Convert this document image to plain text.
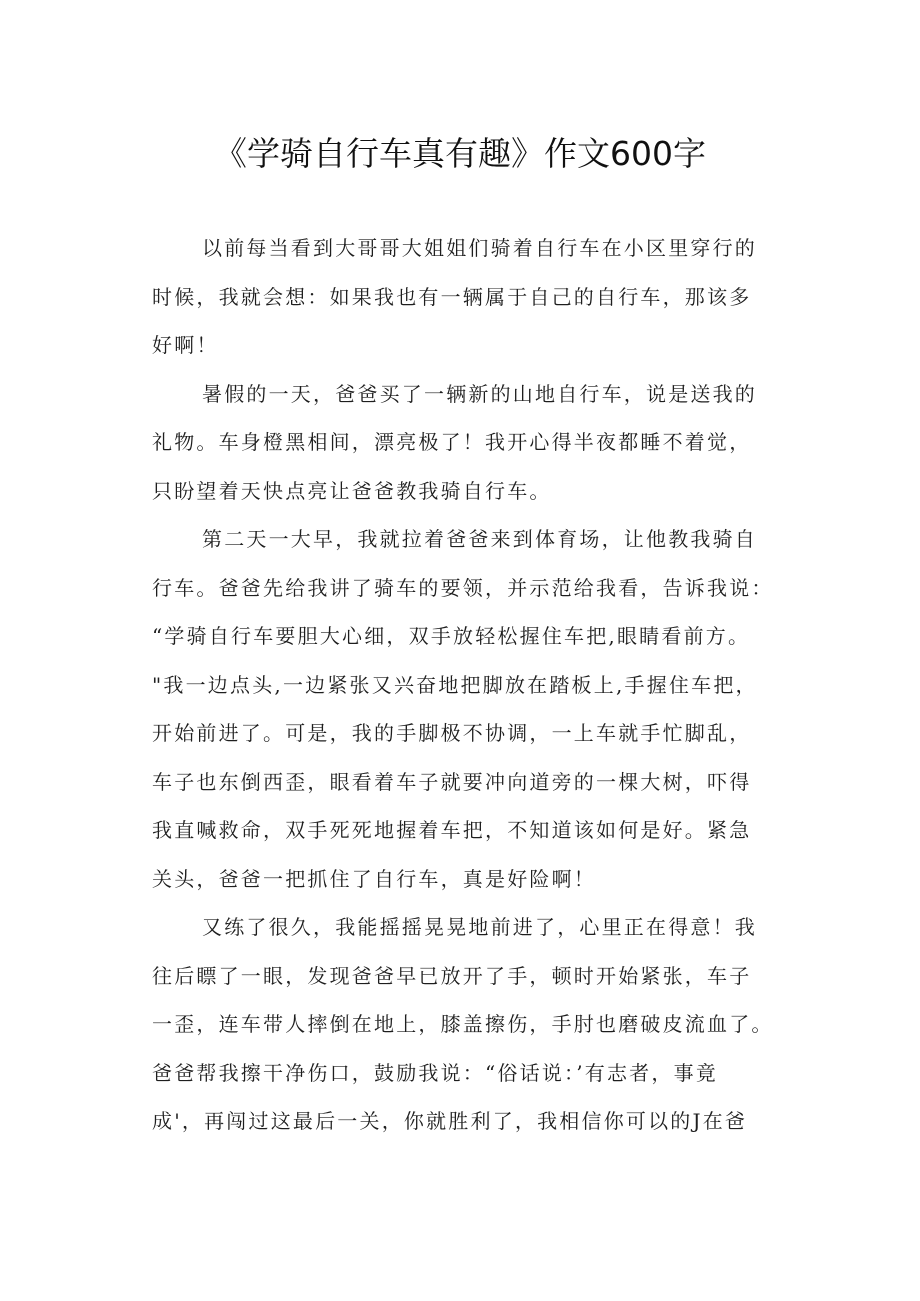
《学骑自行车真有趣》作文600字
以前每当看到大哥哥大姐姐们骑着自行车在小区里穿行的
时候，我就会想：如果我也有一辆属于自己的自行车，那该多
好啊！
暑假的一天，爸爸买了一辆新的山地自行车，说是送我的
礼物。车身橙黑相间，漂亮极了！我开心得半夜都睡不着觉，
只盼望着天快点亮让爸爸教我骑自行车。
第二天一大早，我就拉着爸爸来到体育场，让他教我骑自
行车。爸爸先给我讲了骑车的要领，并示范给我看，告诉我说：
“学骑自行车要胆大心细，双手放轻松握住车把,眼睛看前方。
"我一边点头,一边紧张又兴奋地把脚放在踏板上,手握住车把，
开始前进了。可是，我的手脚极不协调，一上车就手忙脚乱，
车子也东倒西歪，眼看着车子就要冲向道旁的一棵大树，吓得
我直喊救命，双手死死地握着车把，不知道该如何是好。紧急
关头，爸爸一把抓住了自行车，真是好险啊！
又练了很久，我能摇摇晃晃地前进了，心里正在得意！我
往后瞟了一眼，发现爸爸早已放开了手，顿时开始紧张，车子
一歪，连车带人摔倒在地上，膝盖擦伤，手肘也磨破皮流血了。
爸爸帮我擦干净伤口，鼓励我说：“俗话说：’有志者，事竟
成'，再闯过这最后一关，你就胜利了，我相信你可以的J在爸
